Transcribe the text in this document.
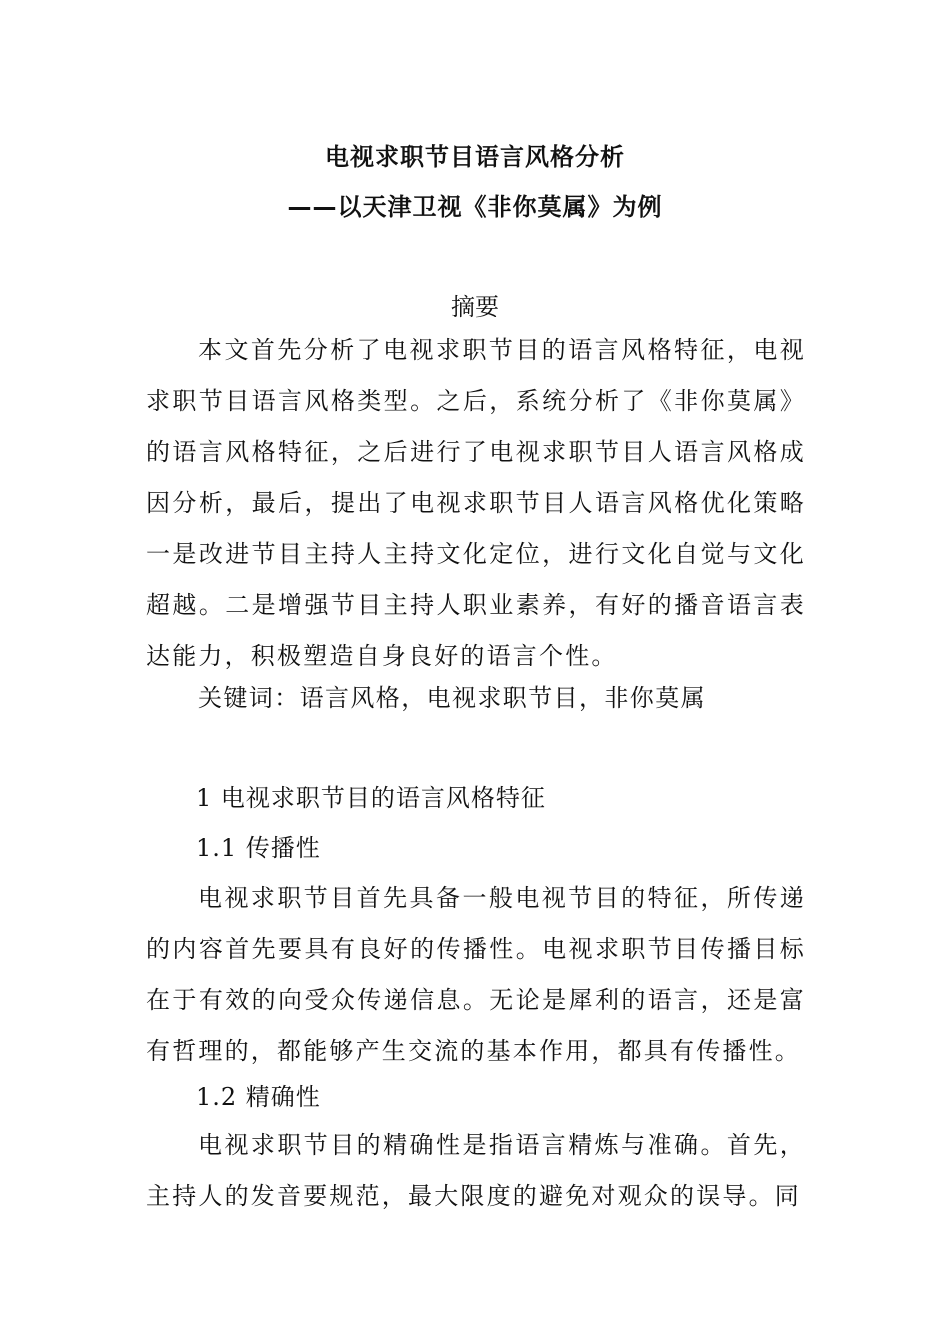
电视求职节目语言风格分析
——以天津卫视《非你莫属》为例
摘要

本文首先分析了电视求职节目的语言风格特征，电视求职节目语言风格类型。之后，系统分析了《非你莫属》的语言风格特征，之后进行了电视求职节目人语言风格成因分析，最后，提出了电视求职节目人语言风格优化策略一是改进节目主持人主持文化定位，进行文化自觉与文化超越。二是增强节目主持人职业素养，有好的播音语言表达能力，积极塑造自身良好的语言个性。

关键词：语言风格，电视求职节目，非你莫属
1 电视求职节目的语言风格特征
1.1 传播性

电视求职节目首先具备一般电视节目的特征，所传递的内容首先要具有良好的传播性。电视求职节目传播目标在于有效的向受众传递信息。无论是犀利的语言，还是富有哲理的，都能够产生交流的基本作用，都具有传播性。

1.2 精确性

电视求职节目的精确性是指语言精炼与准确。首先，主持人的发音要规范，最大限度的避免对观众的误导。同
